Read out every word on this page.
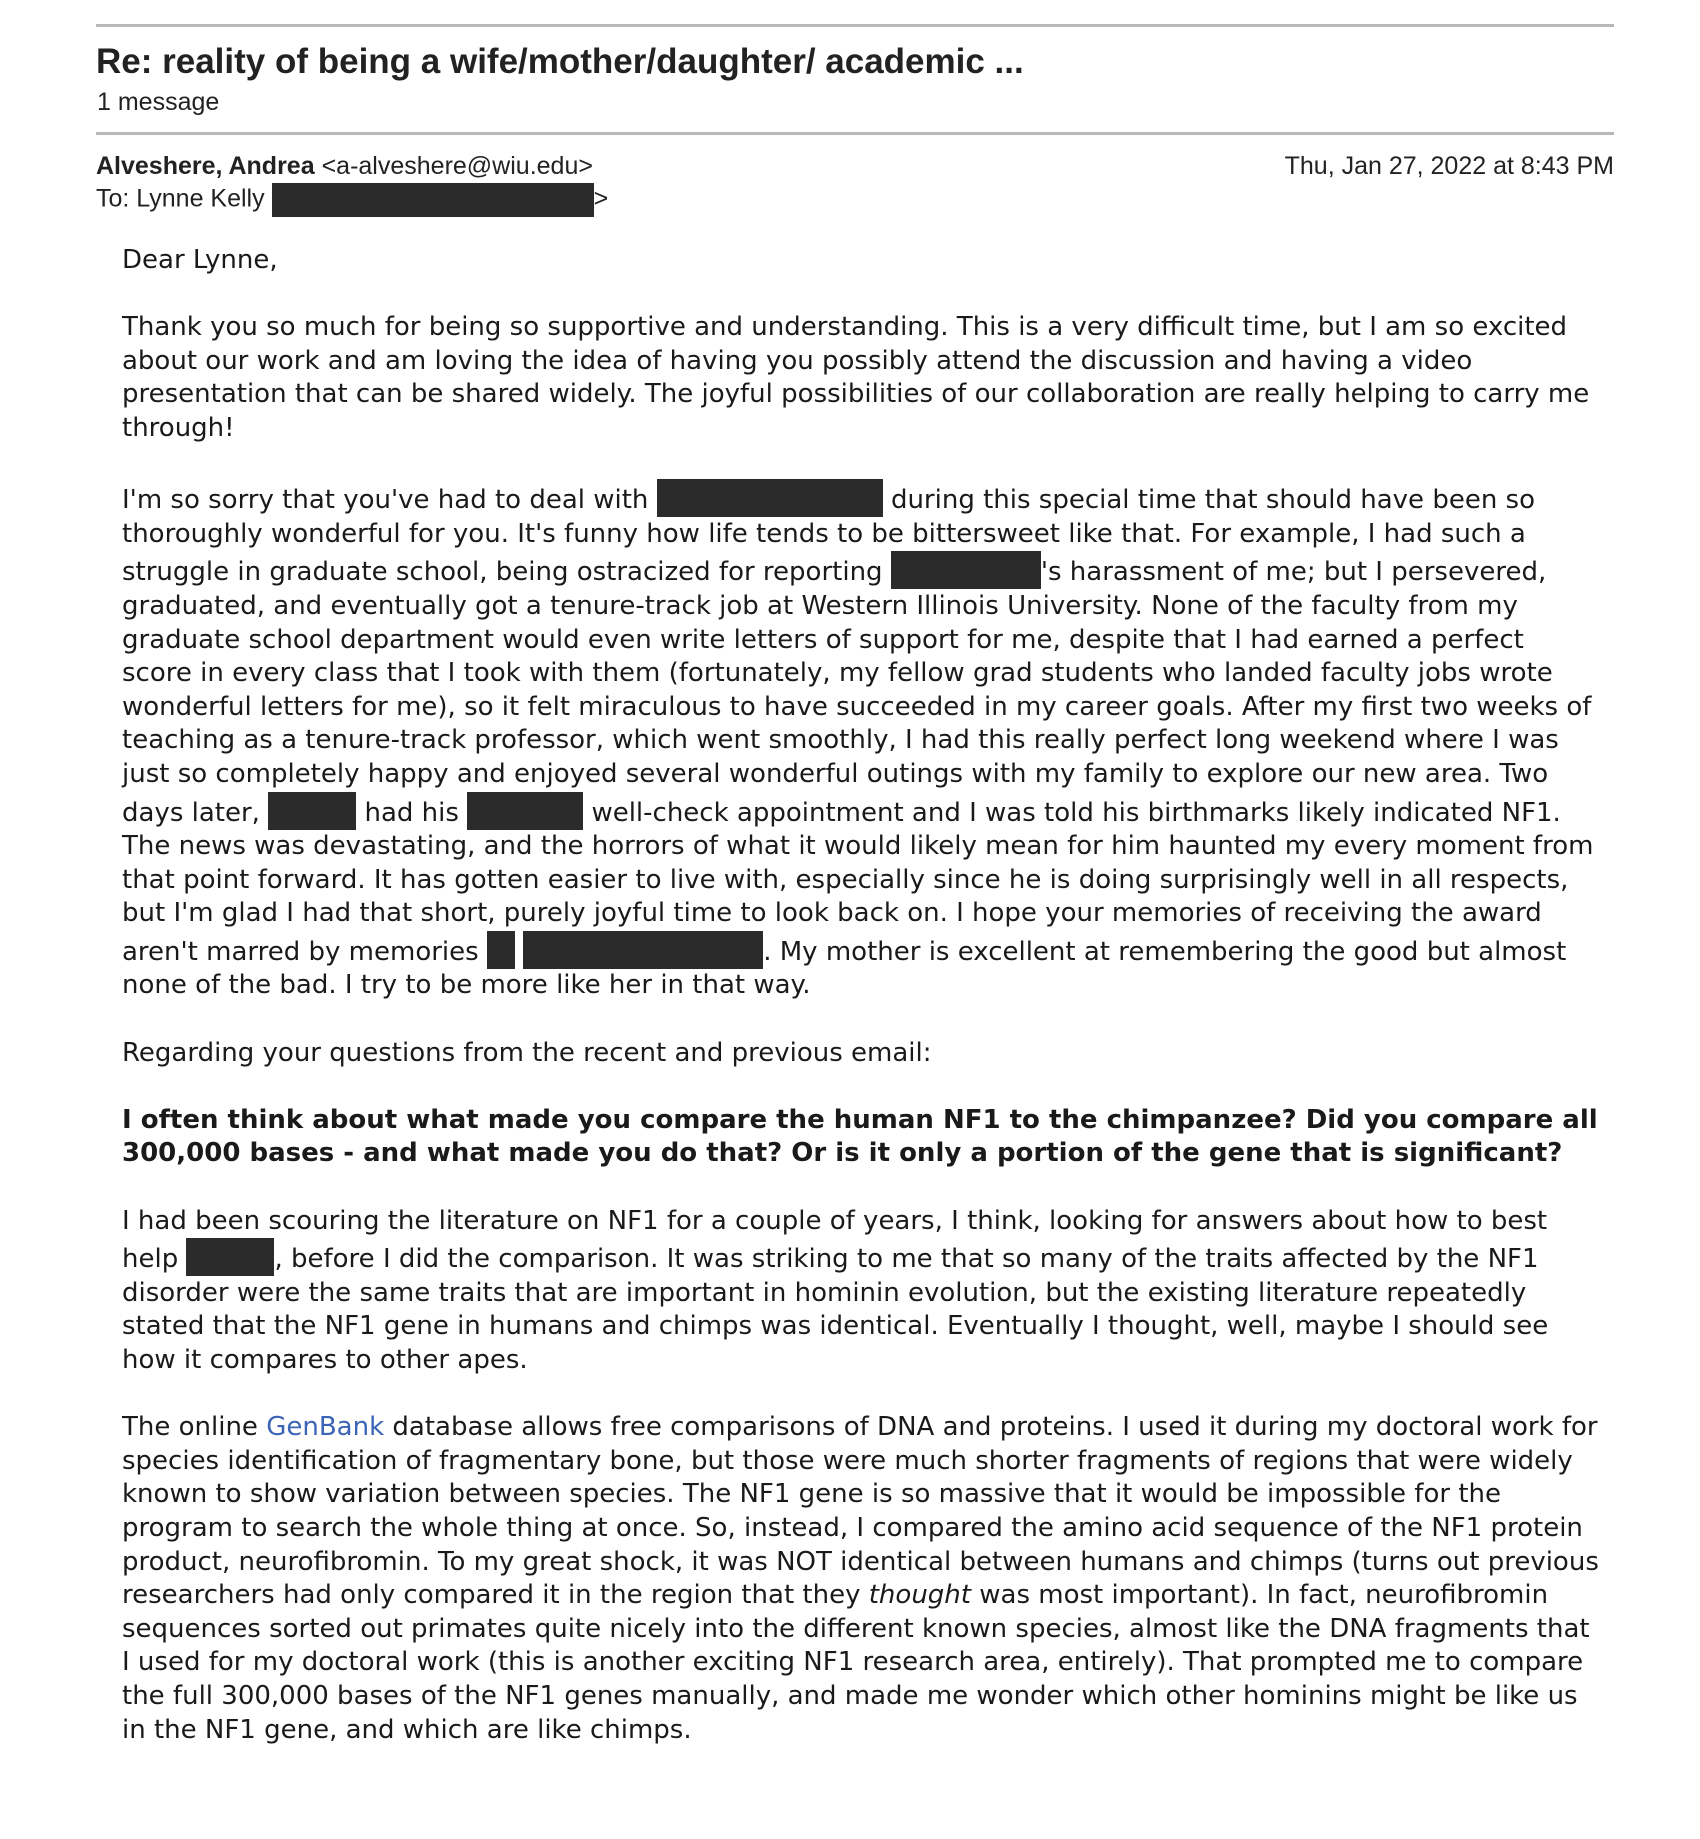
Re: reality of being a wife/mother/daughter/ academic ...
1 message
Alveshere, Andrea <a-alveshere@wiu.edu>	Thu, Jan 27, 2022 at 8:43 PM
To: Lynne Kelly	>

Dear Lynne,

Thank you so much for being so supportive and understanding. This is a very difficult time, but I am so excited about our work and am loving the idea of having you possibly attend the discussion and having a video presentation that can be shared widely. The joyful possibilities of our collaboration are really helping to carry me through!

I'm so sorry that you've had to deal with	during this special time that should have been so thoroughly wonderful for you. It's funny how life tends to be bittersweet like that. For example, I had such a struggle in graduate school, being ostracized for reporting	's harassment of me; but I persevered, graduated, and eventually got a tenure-track job at Western Illinois University. None of the faculty from my graduate school department would even write letters of support for me, despite that I had earned a perfect score in every class that I took with them (fortunately, my fellow grad students who landed faculty jobs wrote wonderful letters for me), so it felt miraculous to have succeeded in my career goals. After my first two weeks of teaching as a tenure-track professor, which went smoothly, I had this really perfect long weekend where I was just so completely happy and enjoyed several wonderful outings with my family to explore our new area. Two days later,	had his	well-check appointment and I was told his birthmarks likely indicated NF1. The news was devastating, and the horrors of what it would likely mean for him haunted my every moment from that point forward. It has gotten easier to live with, especially since he is doing surprisingly well in all respects, but I'm glad I had that short, purely joyful time to look back on. I hope your memories of receiving the award aren't marred by memories	. My mother is excellent at remembering the good but almost none of the bad. I try to be more like her in that way.

Regarding your questions from the recent and previous email:

I often think about what made you compare the human NF1 to the chimpanzee? Did you compare all 300,000 bases - and what made you do that? Or is it only a portion of the gene that is significant?

I had been scouring the literature on NF1 for a couple of years, I think, looking for answers about how to best help	, before I did the comparison. It was striking to me that so many of the traits affected by the NF1 disorder were the same traits that are important in hominin evolution, but the existing literature repeatedly stated that the NF1 gene in humans and chimps was identical. Eventually I thought, well, maybe I should see how it compares to other apes.

The online GenBank database allows free comparisons of DNA and proteins. I used it during my doctoral work for species identification of fragmentary bone, but those were much shorter fragments of regions that were widely known to show variation between species. The NF1 gene is so massive that it would be impossible for the program to search the whole thing at once. So, instead, I compared the amino acid sequence of the NF1 protein product, neurofibromin. To my great shock, it was NOT identical between humans and chimps (turns out previous researchers had only compared it in the region that they thought was most important). In fact, neurofibromin sequences sorted out primates quite nicely into the different known species, almost like the DNA fragments that I used for my doctoral work (this is another exciting NF1 research area, entirely). That prompted me to compare the full 300,000 bases of the NF1 genes manually, and made me wonder which other hominins might be like us in the NF1 gene, and which are like chimps.
